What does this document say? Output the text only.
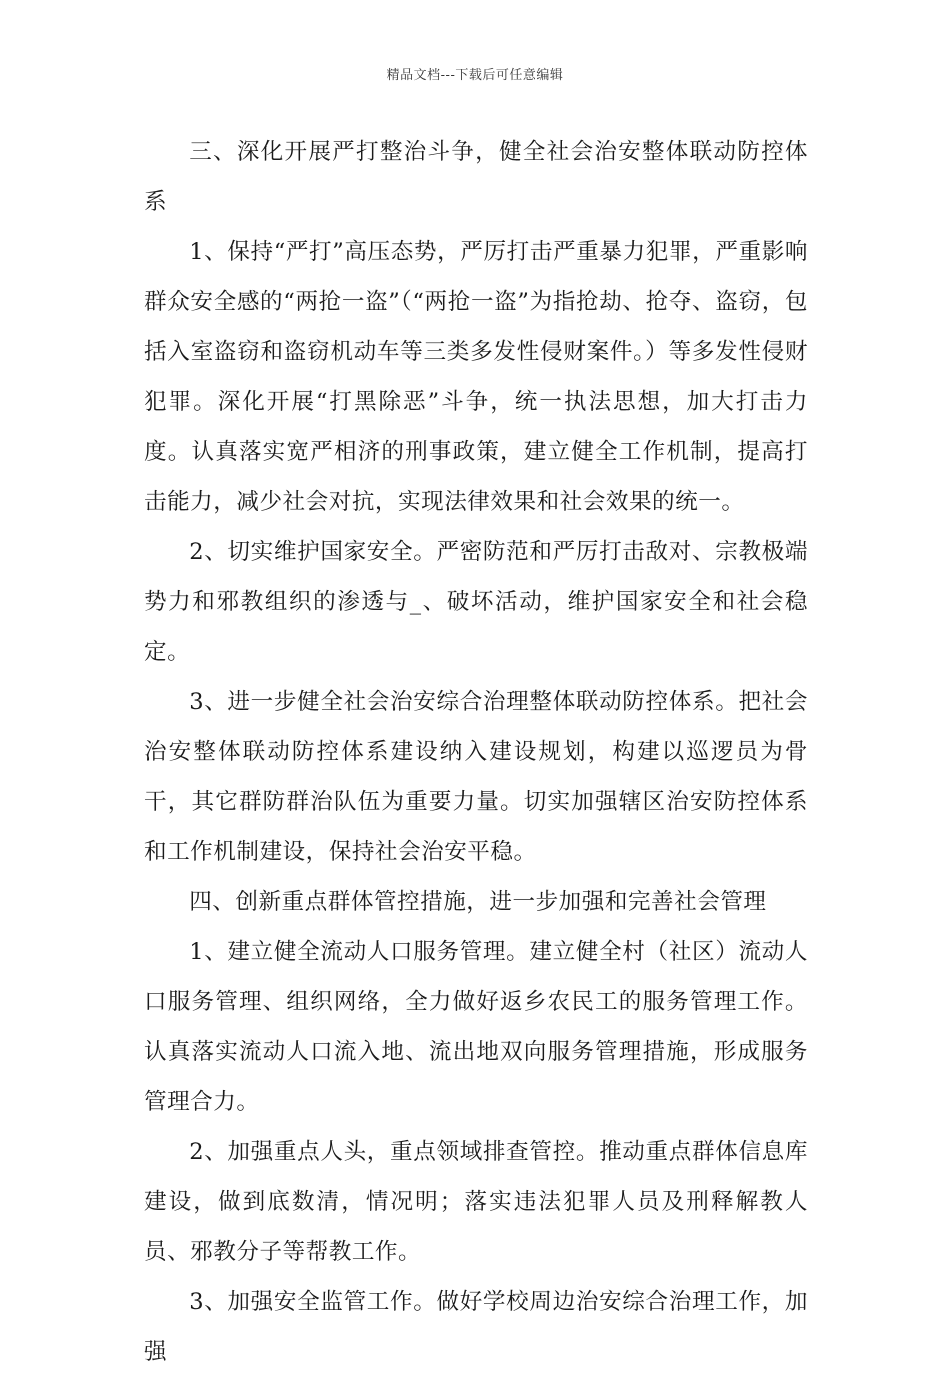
精品文档---下载后可任意编辑

三、深化开展严打整治斗争，健全社会治安整体联动防控体系

1、保持“严打”高压态势，严厉打击严重暴力犯罪，严重影响群众安全感的“两抢一盗”（“两抢一盗”为指抢劫、抢夺、盗窃，包括入室盗窃和盗窃机动车等三类多发性侵财案件。）等多发性侵财犯罪。深化开展“打黑除恶”斗争，统一执法思想，加大打击力度。认真落实宽严相济的刑事政策，建立健全工作机制，提高打击能力，减少社会对抗，实现法律效果和社会效果的统一。

2、切实维护国家安全。严密防范和严厉打击敌对、宗教极端势力和邪教组织的渗透与_、破坏活动，维护国家安全和社会稳定。

3、进一步健全社会治安综合治理整体联动防控体系。把社会治安整体联动防控体系建设纳入建设规划，构建以巡逻员为骨干，其它群防群治队伍为重要力量。切实加强辖区治安防控体系和工作机制建设，保持社会治安平稳。

四、创新重点群体管控措施，进一步加强和完善社会管理

1、建立健全流动人口服务管理。建立健全村（社区）流动人口服务管理、组织网络，全力做好返乡农民工的服务管理工作。认真落实流动人口流入地、流出地双向服务管理措施，形成服务管理合力。

2、加强重点人头，重点领域排查管控。推动重点群体信息库建设，做到底数清，情况明；落实违法犯罪人员及刑释解教人员、邪教分子等帮教工作。

3、加强安全监管工作。做好学校周边治安综合治理工作，加强
